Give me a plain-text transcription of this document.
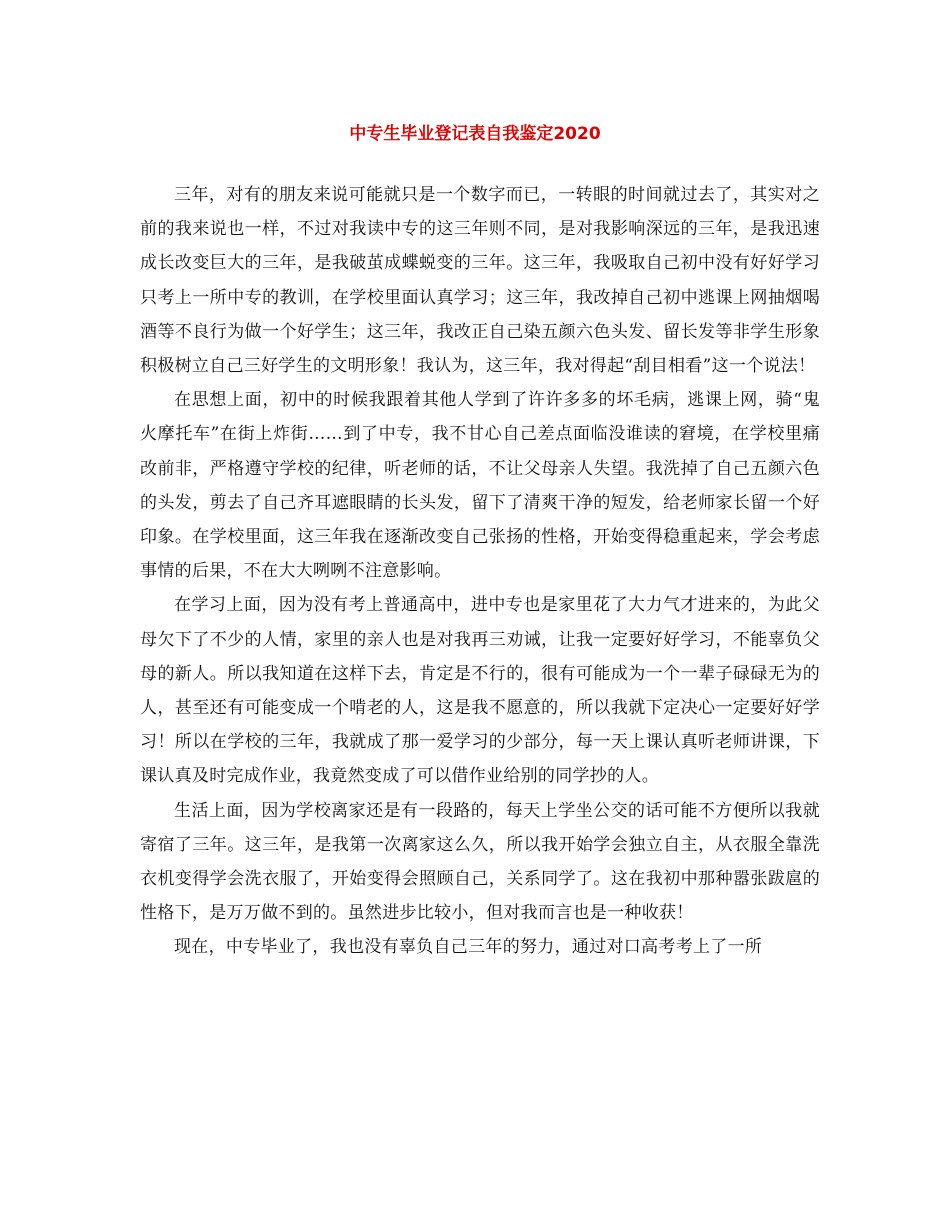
中专生毕业登记表自我鉴定2020

三年，对有的朋友来说可能就只是一个数字而已，一转眼的时间就过去了，其实对之前的我来说也一样，不过对我读中专的这三年则不同，是对我影响深远的三年，是我迅速成长改变巨大的三年，是我破茧成蝶蜕变的三年。这三年，我吸取自己初中没有好好学习只考上一所中专的教训，在学校里面认真学习；这三年，我改掉自己初中逃课上网抽烟喝酒等不良行为做一个好学生；这三年，我改正自己染五颜六色头发、留长发等非学生形象积极树立自己三好学生的文明形象！我认为，这三年，我对得起“刮目相看”这一个说法！

在思想上面，初中的时候我跟着其他人学到了许许多多的坏毛病，逃课上网，骑“鬼火摩托车”在街上炸街……到了中专，我不甘心自己差点面临没谁读的窘境，在学校里痛改前非，严格遵守学校的纪律，听老师的话，不让父母亲人失望。我洗掉了自己五颜六色的头发，剪去了自己齐耳遮眼睛的长头发，留下了清爽干净的短发，给老师家长留一个好印象。在学校里面，这三年我在逐渐改变自己张扬的性格，开始变得稳重起来，学会考虑事情的后果，不在大大咧咧不注意影响。

在学习上面，因为没有考上普通高中，进中专也是家里花了大力气才进来的，为此父母欠下了不少的人情，家里的亲人也是对我再三劝诫，让我一定要好好学习，不能辜负父母的新人。所以我知道在这样下去，肯定是不行的，很有可能成为一个一辈子碌碌无为的人，甚至还有可能变成一个啃老的人，这是我不愿意的，所以我就下定决心一定要好好学习！所以在学校的三年，我就成了那一爱学习的少部分，每一天上课认真听老师讲课，下课认真及时完成作业，我竟然变成了可以借作业给别的同学抄的人。

生活上面，因为学校离家还是有一段路的，每天上学坐公交的话可能不方便所以我就寄宿了三年。这三年，是我第一次离家这么久，所以我开始学会独立自主，从衣服全靠洗衣机变得学会洗衣服了，开始变得会照顾自己，关系同学了。这在我初中那种嚣张跋扈的性格下，是万万做不到的。虽然进步比较小，但对我而言也是一种收获！

现在，中专毕业了，我也没有辜负自己三年的努力，通过对口高考考上了一所
